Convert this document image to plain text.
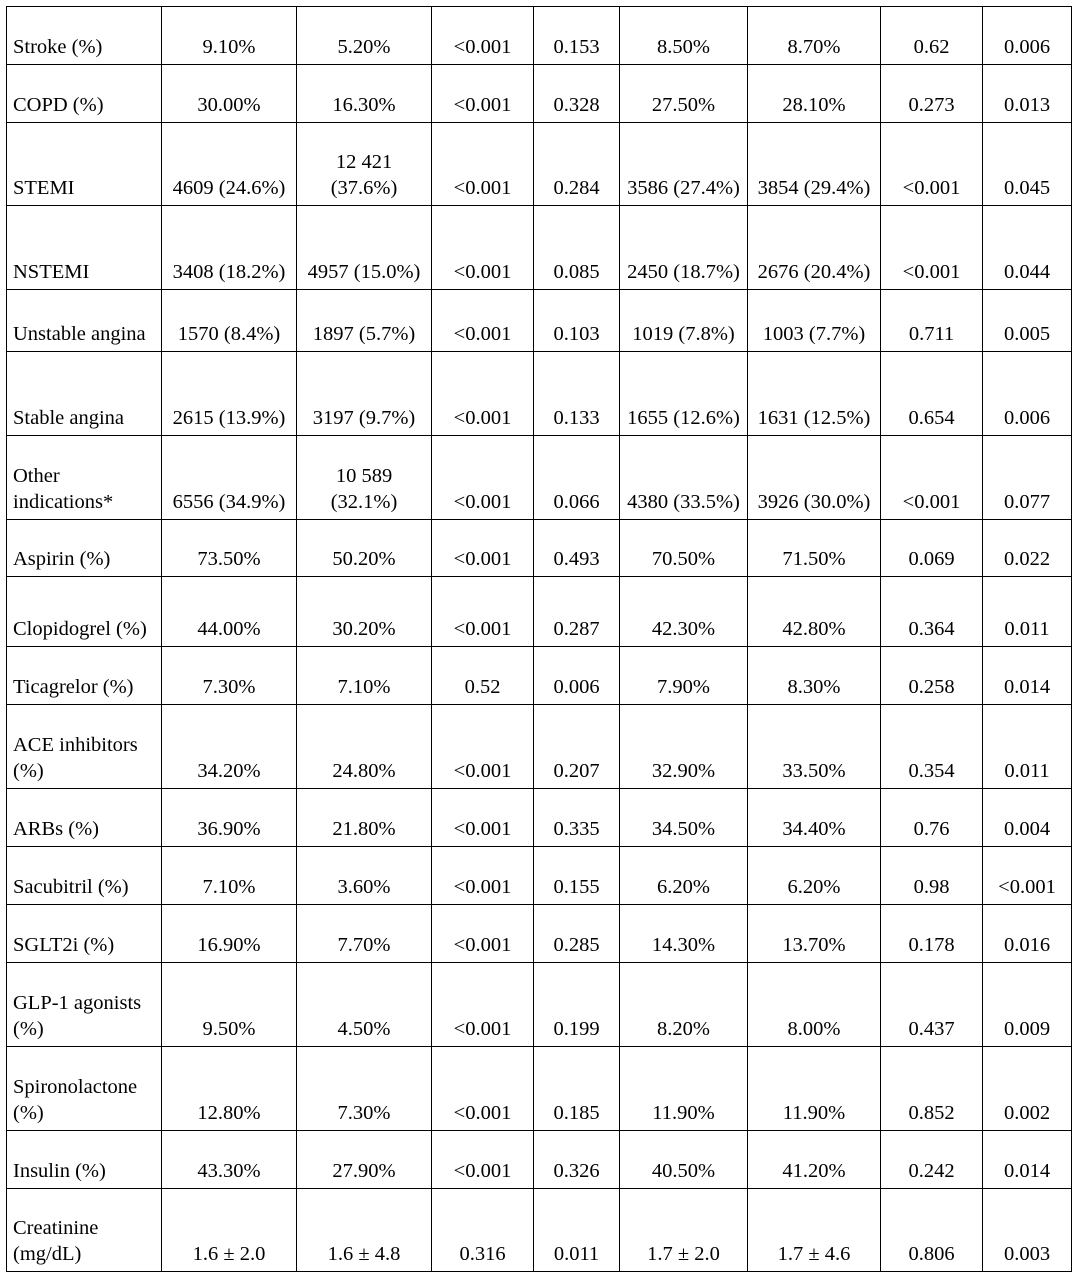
Stroke (%)	9.10%	5.20%	<0.001	0.153	8.50%	8.70%	0.62	0.006
COPD (%)	30.00%	16.30%	<0.001	0.328	27.50%	28.10%	0.273	0.013
STEMI	4609 (24.6%)	12 421 (37.6%)	<0.001	0.284	3586 (27.4%)	3854 (29.4%)	<0.001	0.045
NSTEMI	3408 (18.2%)	4957 (15.0%)	<0.001	0.085	2450 (18.7%)	2676 (20.4%)	<0.001	0.044
Unstable angina	1570 (8.4%)	1897 (5.7%)	<0.001	0.103	1019 (7.8%)	1003 (7.7%)	0.711	0.005
Stable angina	2615 (13.9%)	3197 (9.7%)	<0.001	0.133	1655 (12.6%)	1631 (12.5%)	0.654	0.006
Other indications*	6556 (34.9%)	10 589 (32.1%)	<0.001	0.066	4380 (33.5%)	3926 (30.0%)	<0.001	0.077
Aspirin (%)	73.50%	50.20%	<0.001	0.493	70.50%	71.50%	0.069	0.022
Clopidogrel (%)	44.00%	30.20%	<0.001	0.287	42.30%	42.80%	0.364	0.011
Ticagrelor (%)	7.30%	7.10%	0.52	0.006	7.90%	8.30%	0.258	0.014
ACE inhibitors (%)	34.20%	24.80%	<0.001	0.207	32.90%	33.50%	0.354	0.011
ARBs (%)	36.90%	21.80%	<0.001	0.335	34.50%	34.40%	0.76	0.004
Sacubitril (%)	7.10%	3.60%	<0.001	0.155	6.20%	6.20%	0.98	<0.001
SGLT2i (%)	16.90%	7.70%	<0.001	0.285	14.30%	13.70%	0.178	0.016
GLP-1 agonists (%)	9.50%	4.50%	<0.001	0.199	8.20%	8.00%	0.437	0.009
Spironolactone (%)	12.80%	7.30%	<0.001	0.185	11.90%	11.90%	0.852	0.002
Insulin (%)	43.30%	27.90%	<0.001	0.326	40.50%	41.20%	0.242	0.014
Creatinine (mg/dL)	1.6 ± 2.0	1.6 ± 4.8	0.316	0.011	1.7 ± 2.0	1.7 ± 4.6	0.806	0.003
